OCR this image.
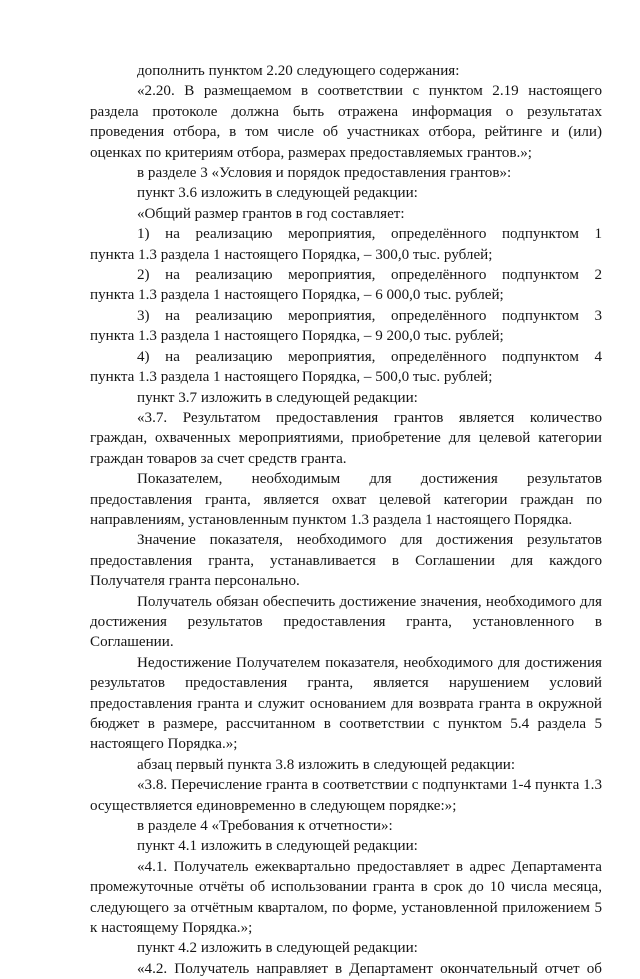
дополнить пунктом 2.20 следующего содержания:

«2.20. В размещаемом в соответствии с пунктом 2.19 настоящего
раздела протоколе должна быть отражена информация о результатах
проведения отбора, в том числе об участниках отбора, рейтинге и (или)
оценках по критериям отбора, размерах предоставляемых грантов.»;

в разделе 3 «Условия и порядок предоставления грантов»:

пункт 3.6 изложить в следующей редакции:

«Общий размер грантов в год составляет:

1) на реализацию мероприятия, определённого подпунктом 1
пункта 1.3 раздела 1 настоящего Порядка, – 300,0 тыс. рублей;

2) на реализацию мероприятия, определённого подпунктом 2
пункта 1.3 раздела 1 настоящего Порядка, – 6 000,0 тыс. рублей;

3) на реализацию мероприятия, определённого подпунктом 3
пункта 1.3 раздела 1 настоящего Порядка, – 9 200,0 тыс. рублей;

4) на реализацию мероприятия, определённого подпунктом 4
пункта 1.3 раздела 1 настоящего Порядка, – 500,0 тыс. рублей;

пункт 3.7 изложить в следующей редакции:

«3.7. Результатом предоставления грантов является количество
граждан, охваченных мероприятиями, приобретение для целевой категории
граждан товаров за счет средств гранта.

Показателем, необходимым для достижения результатов
предоставления гранта, является охват целевой категории граждан по
направлениям, установленным пунктом 1.3 раздела 1 настоящего Порядка.

Значение показателя, необходимого для достижения результатов
предоставления гранта, устанавливается в Соглашении для каждого
Получателя гранта персонально.

Получатель обязан обеспечить достижение значения, необходимого для
достижения результатов предоставления гранта, установленного в
Соглашении.

Недостижение Получателем показателя, необходимого для достижения
результатов предоставления гранта, является нарушением условий
предоставления гранта и служит основанием для возврата гранта в окружной
бюджет в размере, рассчитанном в соответствии с пунктом 5.4 раздела 5
настоящего Порядка.»;

абзац первый пункта 3.8 изложить в следующей редакции:

«3.8. Перечисление гранта в соответствии с подпунктами 1-4 пункта 1.3
осуществляется единовременно в следующем порядке:»;

в разделе 4 «Требования к отчетности»:

пункт 4.1 изложить в следующей редакции:

«4.1. Получатель ежеквартально предоставляет в адрес Департамента
промежуточные отчёты об использовании гранта в срок до 10 числа месяца,
следующего за отчётным кварталом, по форме, установленной приложением 5
к настоящему Порядка.»;

пункт 4.2 изложить в следующей редакции:

«4.2. Получатель направляет в Департамент окончательный отчет об
